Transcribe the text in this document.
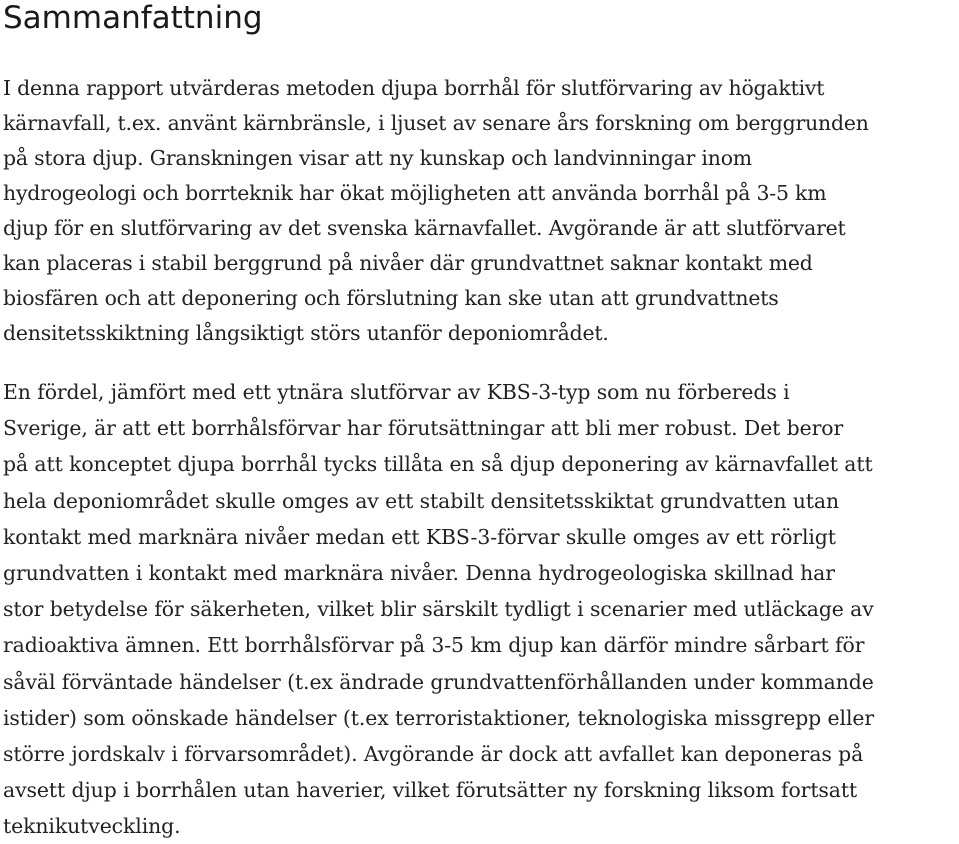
Sammanfattning
I denna rapport utvärderas metoden djupa borrhål för slutförvaring av högaktivt
kärnavfall, t.ex. använt kärnbränsle, i ljuset av senare års forskning om berggrunden
på stora djup. Granskningen visar att ny kunskap och landvinningar inom
hydrogeologi och borrteknik har ökat möjligheten att använda borrhål på 3-5 km
djup för en slutförvaring av det svenska kärnavfallet. Avgörande är att slutförvaret
kan placeras i stabil berggrund på nivåer där grundvattnet saknar kontakt med
biosfären och att deponering och förslutning kan ske utan att grundvattnets
densitetsskiktning långsiktigt störs utanför deponiområdet.
En fördel, jämfört med ett ytnära slutförvar av KBS-3-typ som nu förbereds i
Sverige, är att ett borrhålsförvar har förutsättningar att bli mer robust. Det beror
på att konceptet djupa borrhål tycks tillåta en så djup deponering av kärnavfallet att
hela deponiområdet skulle omges av ett stabilt densitetsskiktat grundvatten utan
kontakt med marknära nivåer medan ett KBS-3-förvar skulle omges av ett rörligt
grundvatten i kontakt med marknära nivåer. Denna hydrogeologiska skillnad har
stor betydelse för säkerheten, vilket blir särskilt tydligt i scenarier med utläckage av
radioaktiva ämnen. Ett borrhålsförvar på 3-5 km djup kan därför mindre sårbart för
såväl förväntade händelser (t.ex ändrade grundvattenförhållanden under kommande
istider) som oönskade händelser (t.ex terroristaktioner, teknologiska missgrepp eller
större jordskalv i förvarsområdet). Avgörande är dock att avfallet kan deponeras på
avsett djup i borrhålen utan haverier, vilket förutsätter ny forskning liksom fortsatt
teknikutveckling.
